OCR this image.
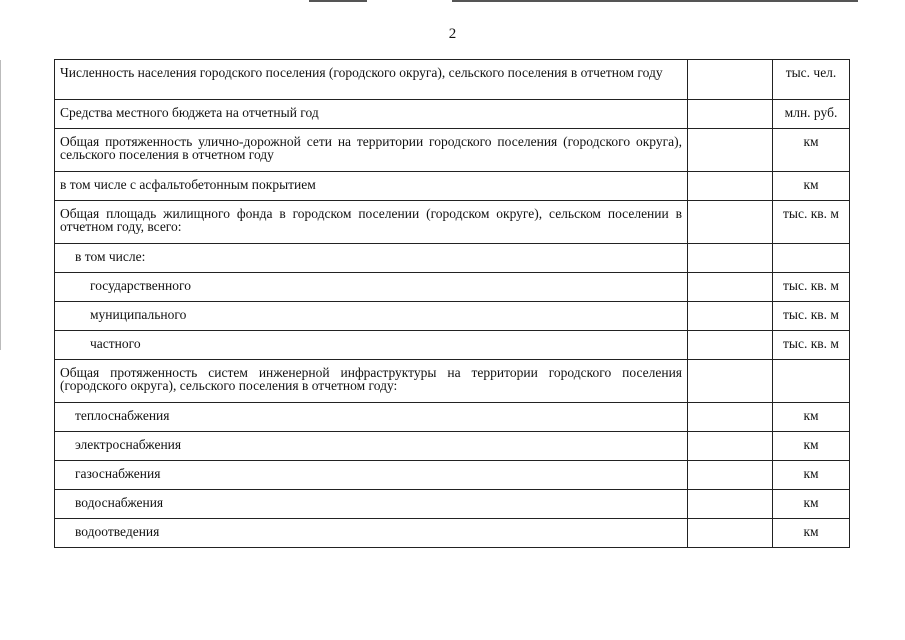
2
Численность населения городского поселения (городского округа), сельского поселения в отчетном году		тыс. чел.
Средства местного бюджета на отчетный год		млн. руб.
Общая протяженность улично-дорожной сети на территории городского поселения (городского округа), сельского поселения в отчетном году		км
в том числе с асфальтобетонным покрытием		км
Общая площадь жилищного фонда в городском поселении (городском округе), сельском поселении в отчетном году, всего:		тыс. кв. м
в том числе:		
государственного		тыс. кв. м
муниципального		тыс. кв. м
частного		тыс. кв. м
Общая протяженность систем инженерной инфраструктуры на территории городского поселения (городского округа), сельского поселения в отчетном году:		
теплоснабжения		км
электроснабжения		км
газоснабжения		км
водоснабжения		км
водоотведения		км
